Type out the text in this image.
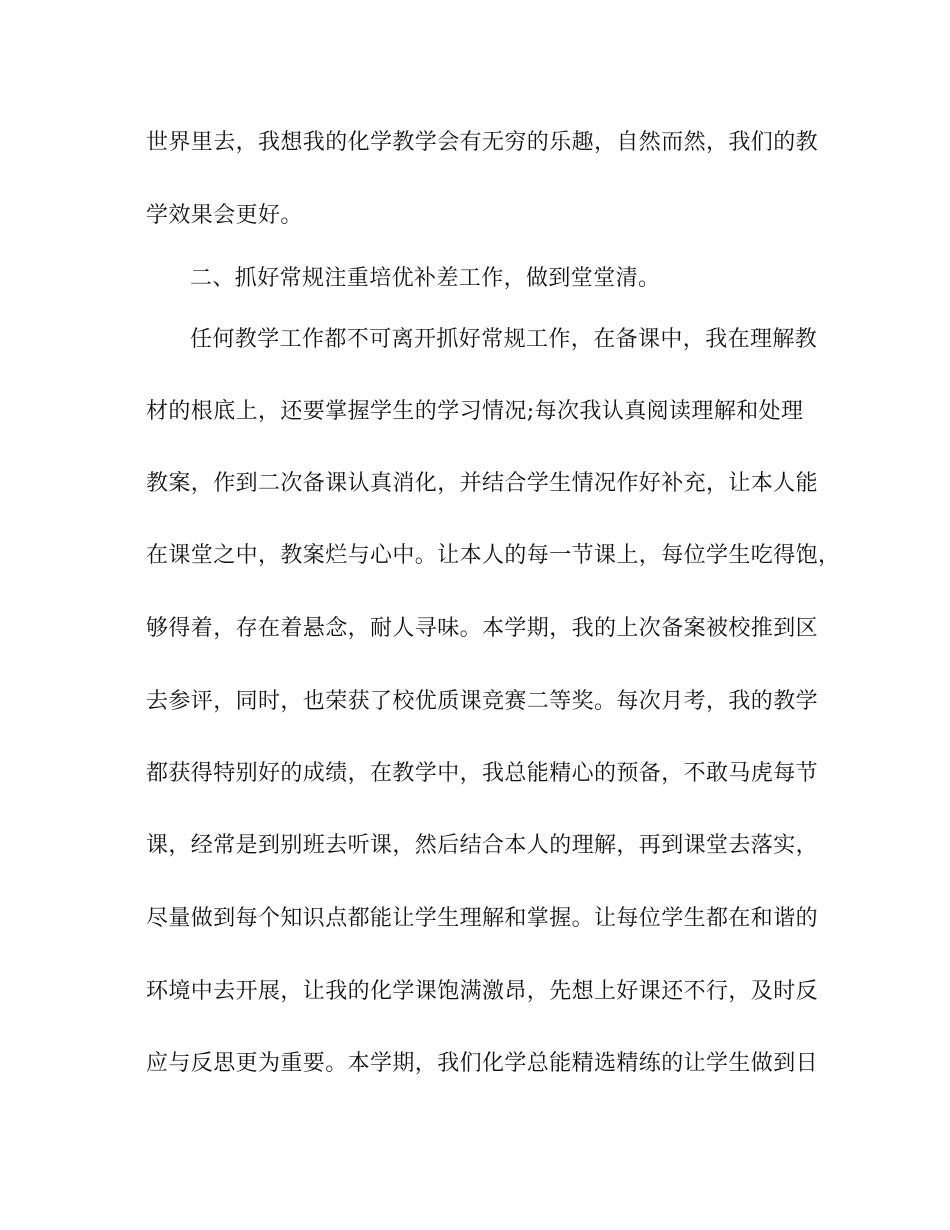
世界里去，我想我的化学教学会有无穷的乐趣，自然而然，我们的教
学效果会更好。
二、抓好常规注重培优补差工作，做到堂堂清。
任何教学工作都不可离开抓好常规工作，在备课中，我在理解教
材的根底上，还要掌握学生的学习情况;每次我认真阅读理解和处理
教案，作到二次备课认真消化，并结合学生情况作好补充，让本人能
在课堂之中，教案烂与心中。让本人的每一节课上，每位学生吃得饱，
够得着，存在着悬念，耐人寻味。本学期，我的上次备案被校推到区
去参评，同时，也荣获了校优质课竞赛二等奖。每次月考，我的教学
都获得特别好的成绩，在教学中，我总能精心的预备，不敢马虎每节
课，经常是到别班去听课，然后结合本人的理解，再到课堂去落实，
尽量做到每个知识点都能让学生理解和掌握。让每位学生都在和谐的
环境中去开展，让我的化学课饱满激昂，先想上好课还不行，及时反
应与反思更为重要。本学期，我们化学总能精选精练的让学生做到日
